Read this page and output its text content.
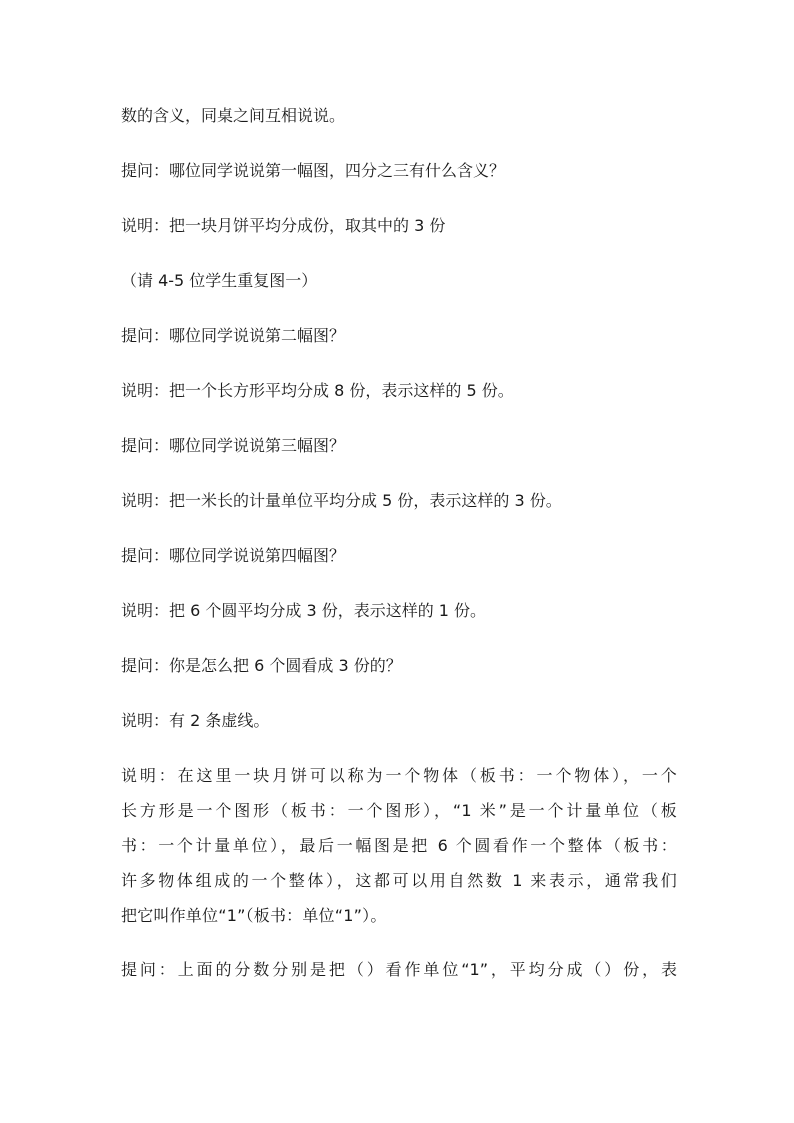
数的含义，同桌之间互相说说。

提问：哪位同学说说第一幅图，四分之三有什么含义？

说明：把一块月饼平均分成份，取其中的 3 份

（请 4-5 位学生重复图一）

提问：哪位同学说说第二幅图？

说明：把一个长方形平均分成 8 份，表示这样的 5 份。

提问：哪位同学说说第三幅图？

说明：把一米长的计量单位平均分成 5 份，表示这样的 3 份。

提问：哪位同学说说第四幅图？

说明：把 6 个圆平均分成 3 份，表示这样的 1 份。

提问：你是怎么把 6 个圆看成 3 份的？

说明：有 2 条虚线。

说明：在这里一块月饼可以称为一个物体（板书：一个物体），一个
长方形是一个图形（板书：一个图形），“1 米”是一个计量单位（板
书：一个计量单位），最后一幅图是把 6 个圆看作一个整体（板书：
许多物体组成的一个整体），这都可以用自然数 1 来表示，通常我们
把它叫作单位“1”（板书：单位“1”）。

提问：上面的分数分别是把（）看作单位“1”，平均分成（）份，表
